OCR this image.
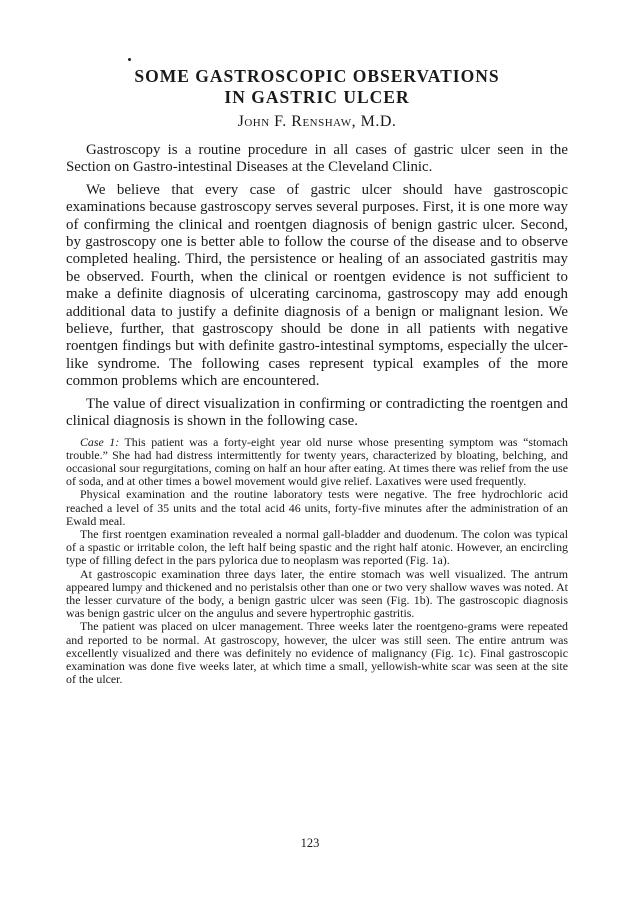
SOME GASTROSCOPIC OBSERVATIONS
IN GASTRIC ULCER
John F. Renshaw, M.D.

Gastroscopy is a routine procedure in all cases of gastric ulcer seen in the Section on Gastro-intestinal Diseases at the Cleveland Clinic.

We believe that every case of gastric ulcer should have gastroscopic examinations because gastroscopy serves several purposes. First, it is one more way of confirming the clinical and roentgen diagnosis of benign gastric ulcer. Second, by gastroscopy one is better able to follow the course of the disease and to observe completed healing. Third, the persistence or healing of an associated gastritis may be observed. Fourth, when the clinical or roentgen evidence is not sufficient to make a definite diagnosis of ulcerating carcinoma, gastroscopy may add enough additional data to justify a definite diagnosis of a benign or malignant lesion. We believe, further, that gastroscopy should be done in all patients with negative roentgen findings but with definite gastro-intestinal symptoms, especially the ulcer-like syndrome. The following cases represent typical examples of the more common problems which are encountered.

The value of direct visualization in confirming or contradicting the roentgen and clinical diagnosis is shown in the following case.

Case 1: This patient was a forty-eight year old nurse whose presenting symptom was “stomach trouble.” She had had distress intermittently for twenty years, characterized by bloating, belching, and occasional sour regurgitations, coming on half an hour after eating. At times there was relief from the use of soda, and at other times a bowel movement would give relief. Laxatives were used frequently.

Physical examination and the routine laboratory tests were negative. The free hydrochloric acid reached a level of 35 units and the total acid 46 units, forty-five minutes after the administration of an Ewald meal.

The first roentgen examination revealed a normal gall-bladder and duodenum. The colon was typical of a spastic or irritable colon, the left half being spastic and the right half atonic. However, an encircling type of filling defect in the pars pylorica due to neoplasm was reported (Fig. 1a).

At gastroscopic examination three days later, the entire stomach was well visualized. The antrum appeared lumpy and thickened and no peristalsis other than one or two very shallow waves was noted. At the lesser curvature of the body, a benign gastric ulcer was seen (Fig. 1b). The gastroscopic diagnosis was benign gastric ulcer on the angulus and severe hypertrophic gastritis.

The patient was placed on ulcer management. Three weeks later the roentgeno-grams were repeated and reported to be normal. At gastroscopy, however, the ulcer was still seen. The entire antrum was excellently visualized and there was definitely no evidence of malignancy (Fig. 1c). Final gastroscopic examination was done five weeks later, at which time a small, yellowish-white scar was seen at the site of the ulcer.

123
